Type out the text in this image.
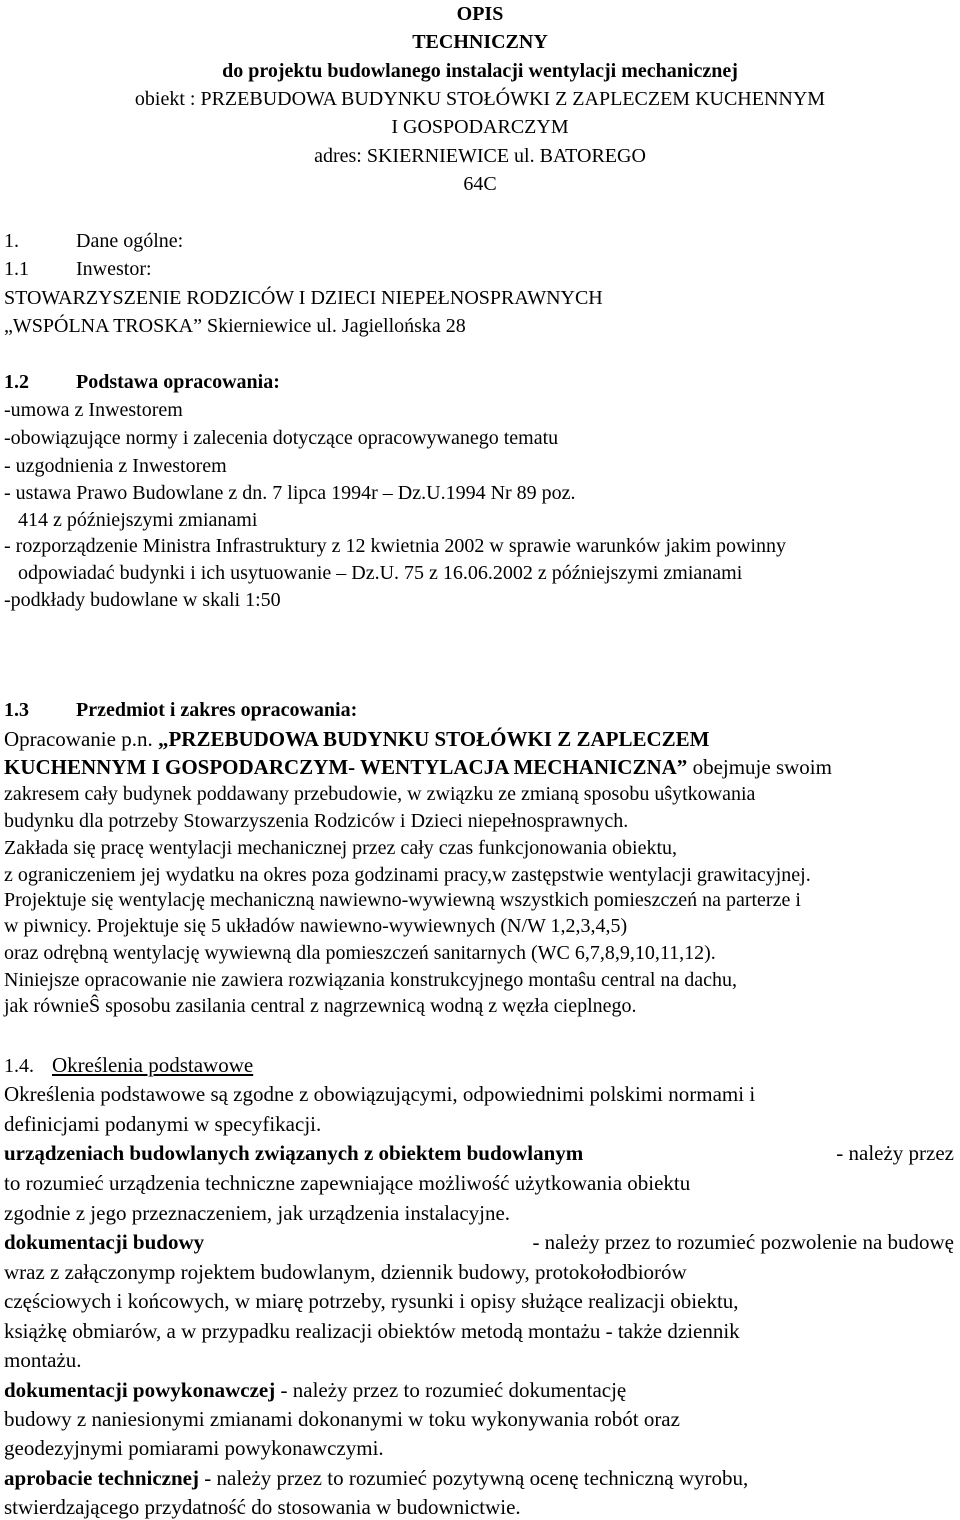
OPIS
TECHNICZNY
do projektu budowlanego instalacji wentylacji mechanicznej
obiekt : PRZEBUDOWA BUDYNKU STOŁÓWKI Z ZAPLECZEM KUCHENNYM
I GOSPODARCZYM
adres: SKIERNIEWICE ul. BATOREGO
64C
1.	Dane ogólne:
1.1 Inwestor:
STOWARZYSZENIE RODZICÓW I DZIECI NIEPEŁNOSPRAWNYCH
„WSPÓLNA TROSKA” Skierniewice ul. Jagiellońska 28
1.2 Podstawa opracowania:
-umowa z Inwestorem
-obowiązujące normy i zalecenia dotyczące opracowywanego tematu
- uzgodnienia z Inwestorem
- ustawa Prawo Budowlane z dn. 7 lipca 1994r – Dz.U.1994 Nr 89 poz.
414 z późniejszymi zmianami
- rozporządzenie Ministra Infrastruktury z 12 kwietnia 2002 w sprawie warunków jakim powinny
odpowiadać budynki i ich usytuowanie – Dz.U. 75 z 16.06.2002 z późniejszymi zmianami
-podkłady budowlane w skali 1:50
1.3 Przedmiot i zakres opracowania:
Opracowanie p.n. „PRZEBUDOWA BUDYNKU STOŁÓWKI Z ZAPLECZEM
KUCHENNYM I GOSPODARCZYM- WENTYLACJA MECHANICZNA” obejmuje swoim
zakresem cały budynek poddawany przebudowie, w związku ze zmianą sposobu uŝytkowania
budynku dla potrzeby Stowarzyszenia Rodziców i Dzieci niepełnosprawnych.
Zakłada się pracę wentylacji mechanicznej przez cały czas funkcjonowania obiektu,
z ograniczeniem jej wydatku na okres poza godzinami pracy,w zastępstwie wentylacji grawitacyjnej.
Projektuje się wentylację mechaniczną nawiewno-wywiewną wszystkich pomieszczeń na parterze i
w piwnicy. Projektuje się 5 układów nawiewno-wywiewnych (N/W 1,2,3,4,5)
oraz odrębną wentylację wywiewną dla pomieszczeń sanitarnych (WC 6,7,8,9,10,11,12).
Niniejsze opracowanie nie zawiera rozwiązania konstrukcyjnego montaŝu central na dachu,
jak równieŜ sposobu zasilania central z nagrzewnicą wodną z węzła cieplnego.
1.4. Określenia podstawowe
Określenia podstawowe są zgodne z obowiązującymi, odpowiednimi polskimi normami i
definicjami podanymi w specyfikacji.
urządzeniach budowlanych związanych z obiektem budowlanym	- należy przez
to rozumieć urządzenia techniczne zapewniające możliwość użytkowania obiektu
zgodnie z jego przeznaczeniem, jak urządzenia instalacyjne.
dokumentacji budowy	- należy przez to rozumieć pozwolenie na budowę
wraz z załączonymp rojektem budowlanym, dziennik budowy, protokołodbiorów
częściowych i końcowych, w miarę potrzeby, rysunki i opisy służące realizacji obiektu,
książkę obmiarów, a w przypadku realizacji obiektów metodą montażu - także dziennik
montażu.
dokumentacji powykonawczej - należy przez to rozumieć dokumentację
budowy z naniesionymi zmianami dokonanymi w toku wykonywania robót oraz
geodezyjnymi pomiarami powykonawczymi.
aprobacie technicznej - należy przez to rozumieć pozytywną ocenę techniczną wyrobu,
stwierdzającego przydatność do stosowania w budownictwie.
